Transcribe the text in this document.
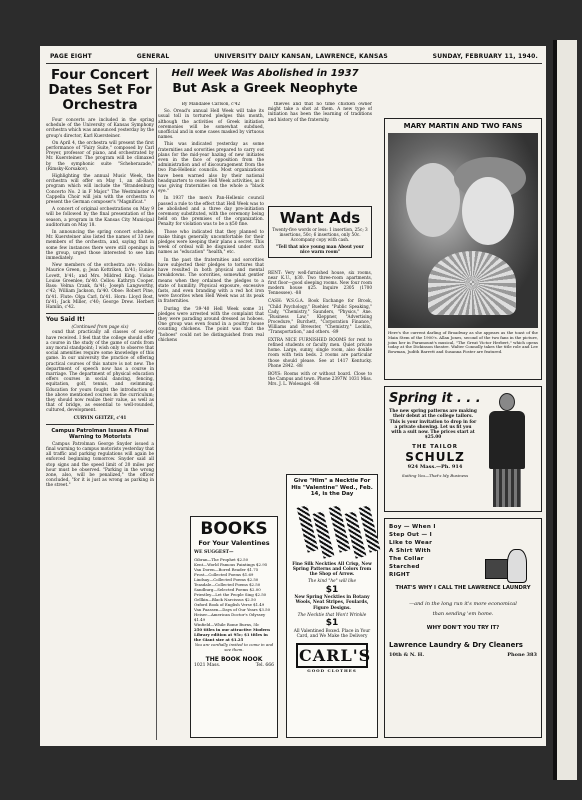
PAGE EIGHT	GENERAL	UNIVERSITY DAILY KANSAN, LAWRENCE, KANSAS	SUNDAY, FEBRUARY 11, 1940.
Four Concert Dates Set For Orchestra

Four concerts are included in the spring schedule of the University of Kansas Symphony orchestra which was announced yesterday by the group's director, Karl Kuersteiner.

On April 4, the orchestra will present the first performance of "Fairy Suite," composed by Carl Preyer, professor of piano, and orchestrated by Mr. Kuersteiner. The program will be climaxed by the symphonic suite "Scheherazade," (Rimsky-Korsakov).

Highlighting the annual Music Week, the orchestra will offer on May 1, an all-Bach program which will include the "Brandenburg Concerto No. 2 in F Major." The Westminster A Cappella Choir will join with the orchestra to present the German composer's "Magnificat."

A concert of original orchestrations on May 9 will be followed by the final presentation of the season, a program in the Kansas City Municipal auditorium on May 18.

In announcing the spring concert schedule, Mr. Kuersteiner also listed the names of 33 new members of the orchestra, and, saying that in some few instances there were still openings in the group, urged those interested to see him immediately.

New members of the orchestra are: violins: Maurice Green, g; Jean Kottriken, fa'41; Eunice Lovett, b'41; and Mrs. Mildred King. Violas: Louise Greenlee, fa'40. Cellos: Kathryn Cooper. Bass: Velma Crank, fa'41; Joseph Langworthy, c'42; William Jackson, fa'40. Oboe: Robert Pine, fa'41. Flute: Olga Carl, fa'41. Horn: Lloyd Bost, fa'41; Jack Miller, c'40; George Drew. Herbert Hamlin, c'42.

You Said It!
(Continued from page six)

ound that practically all classes of society have received. I feel that the college should offer a course in the study of the game of cards from any moral standpoint; I wish only to observe that social amenities require some knowledge of this game. In our university the practice of offering practical courses of this nature is not new. The department of speech now has a course in marriage. The department of physical education offers courses in social dancing, fencing, equitation, golf, tennis, and swimming. Education for yours fought the introduction of the above mentioned courses in the curriculum; they should now realize their value, as well as that of bridge, as essential to well-rounded, cultured, development.

CURVIN GEITZE, c'41

Campus Patrolman Issues A Final Warning to Motorists

Campus Patrolman George Snyder issued a final warning to campus motorists yesterday that all traffic and parking regulations will again be enforced beginning tomorrow. Snyder said all stop signs and the speed limit of 20 miles per hour must be observed. "Parking in the wrong zone, also, will be penalized," the officer concluded, "for it is just as wrong as parking in the street."

Hell Week Was Abolished in 1937
But Ask a Greek Neophyte
By Mandalee Carlson, c'42

So. Oread's annual Hell Week will take its usual toll in tortured pledges this month, although the activities of Greek initiation ceremonies will be somewhat subdued, unofficial and in some cases masked by virtuous names.

This was indicated yesterday as some fraternities and sororities prepared to carry out plans for the mid-year hazing of new initiates even in the face of opposition from the administration and of discouragement from the two Pan-Hellenic councils. Most organizations have been warned also by their national headquarters to cease Hell Week activities, as it was giving fraternities on the whole a "black eye."

In 1937 the men's Pan-Hellenic council passed a rule to the effect that Hell Week was to be abolished and a three day pre-initiation ceremony substituted, with the ceremony being held on the premises of the organization. Penalty for violation was to be a $50 fine.

Those who indicated that they planned to make things generally uncomfortable for their pledges were keeping their plans a secret. This week of ordeal will be disguised under such names as "education" "health," etc.

In the past the fraternities and sororities have subjected their pledges to tortures that have resulted in both physical and mental breakdowns. The sororities, somewhat gentler means when they ordained the pledges to a state of humility. Physical exposure, excessive fasts, and even branding with a red hot iron were favorites when Hell Week was at its peak in fraternities.

During the '39-'40 Hell Week some 31 pledges were arrested with the complaint that they were parading around dressed as hoboes. One group was even found in a poultry house counting chickens. The point was that the "hoboes" could not be distinguished from real chickens

thieves and that no time chicken owner might take a shot at them. A new type of initiation has been the learning of traditions and history of the fraternity.

Want Ads
Twenty-five words or less: 1 insertion, 25c; 3 insertions, 50c; 6 insertions, only 50c. Accompany copy with cash.
"Tell that nice young man About your nice warm room"

RENT: Very well-furnished house, six rooms, near K.U., $30. Two three-room apartments, first floor—good sleeping rooms. New four room modern house $25. Inquire 2305 (1700 Tennessee). -88

CASH: W.S.G.A. Book Exchange for Brook, "Child Psychology," Buehler. "Public Speaking," Cady, "Chemistry," Saunders, "Physics," Ane. "Business Law," Kleppner, "Advertising Procedure," Burchett, "Corporation Finance," Williams and Brewster, "Chemistry," Locklin, "Transportation," and others. -89

EXTRA NICE FURNISHED ROOMS for rent to refined students or faculty men. Quiet private home. Large, sunny, single room, also double room with twin beds. 2 rooms are particular those should please. See at 1417 Kentucky. Phone 2842. -88

BOYS: Rooms with or without board. Close to the Campus and town. Phone 2397W. 1031 Miss. Mrs. J. L. Wolesagel. -88

BOOKS
For Your Valentines
WE SUGGEST—
Gibran—The Prophet $2.50
Kent—World Famous Paintings $2.95
Van Doren—Bored Reader $1.75
Frost—Collected Poems $1.69
Lindsay—Collected Poems $2.50
Teasdale—Collected Poems $2.50
Sandburg—Selected Poems $2.00
Priestley—Let the People Sing $2.50
Gellkin—Black Narcissus $2.50
Oxford Book of English Verse $1.49
Van Paassen—Days of Our Years $3.50
Heiser—American Doctor's Odyssey $1.49
Winfield—While Rome Burns, 5lc
250 titles in our attractive Modern Library edition at 95c; $1 titles in the Giant size at $1.25
You are cordially invited to come in and see them.
THE BOOK NOOK
1021 Mass.	Tel. 666
Give "Him" a Necktie For His "Valentine" Wed., Feb. 14, is the Day
Fine Silk Neckties All Crisp, New Spring Patterns and Colors from the Shop of Arrow.
The kind "he" will like
$1
New Spring Neckties in Botany Wools, Neat Stripes, Foulards, Figure Designs.
The Necktie that Won't Wrinkle
$1
All Valentined Boxed. Place in Your Card, and We Make the Delivery
CARL'S
GOOD CLOTHES
MARY MARTIN AND TWO FANS
Here's the current darling of Broadway as she appears as the toast of the Main Stem of the 1900's. Allan Jones, second of the two fans in the picture, joins her in Paramount's musical, "The Great Victor Herbert," which opens today at the Dickinson theatre. Walter Connolly takes the title role and Lee Bowman, Judith Barrett and Susanna Foster are featured.
Spring it . . .
The new spring patterns are making their debut at the college tailors. This is your invitation to drop in for a private showing. Let us fit you with a suit now. The prices start at $25.00
THE TAILOR
SCHULZ
924 Mass.—Ph. 914
Suiting You—That's My Business
Boy — When I
Step Out — I
Like to Wear
A Shirt With
The Collar
Starched
RIGHT
THAT'S WHY I CALL THE LAWRENCE LAUNDRY
—and in the long run it's more economical
than sending 'em home.
WHY DON'T YOU TRY IT?
Lawrence Laundry & Dry Cleaners
10th & N. H.	Phone 383
